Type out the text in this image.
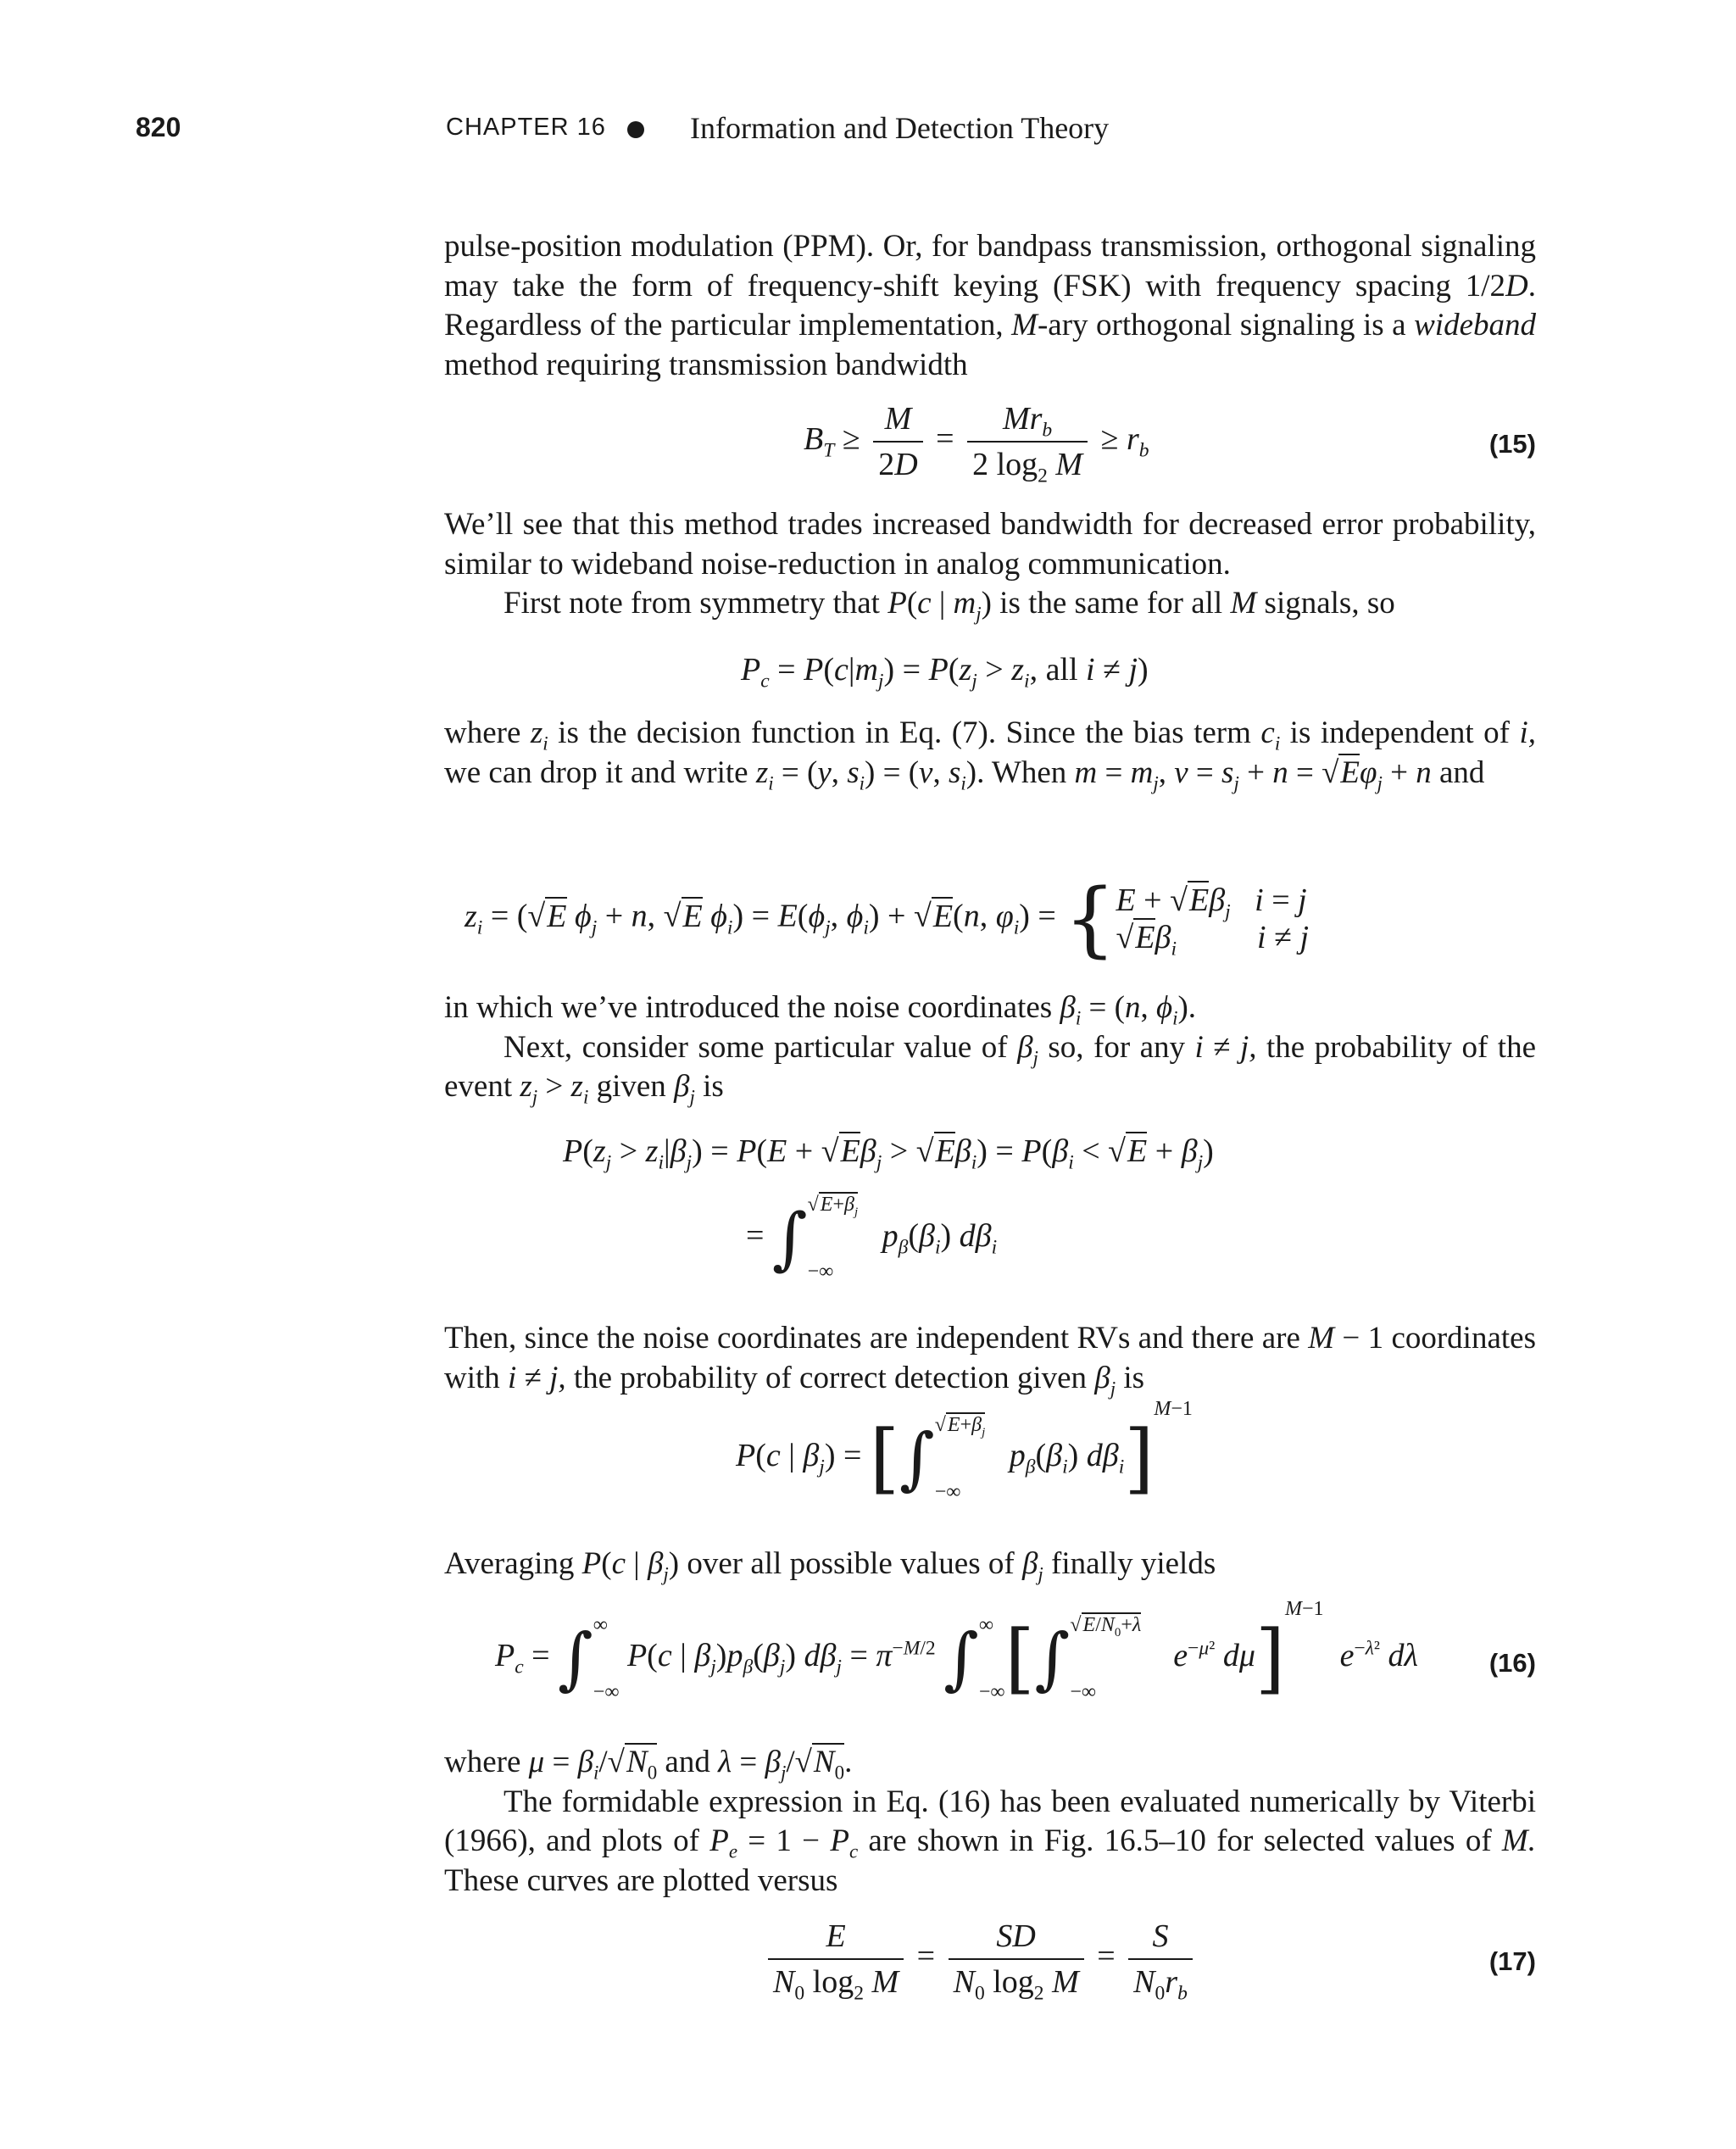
820	CHAPTER 16	Information and Detection Theory

pulse-position modulation (PPM). Or, for bandpass transmission, orthogonal signaling may take the form of frequency-shift keying (FSK) with frequency spacing 1/2D. Regardless of the particular implementation, M-ary orthogonal signaling is a wideband method requiring transmission bandwidth

$B_T \ge \frac{M}{2D} = \frac{Mr_b}{2 \log_2 M} \ge r_b$	(15)

We’ll see that this method trades increased bandwidth for decreased error probability, similar to wideband noise-reduction in analog communication.

First note from symmetry that P(c | $m_j$) is the same for all M signals, so

$P_c = P(c|m_j) = P(z_j > z_i$, all i ≠ j)

where $z_i$ is the decision function in Eq. (7). Since the bias term $c_i$ is independent of i, we can drop it and write $z_i = (y$, $s_i) = (v$, $s_i$). When $m = m_j$, $v = s_j + n = √E\varphi_j + n$ and

$z_i = (√E$ $\phi_j + n$, √E $\phi_i) = E(\phi_j$, $\phi_i) + √E(n$, $\varphi_i) = \{E + √E\beta_j$ i = j
$√E\beta_i$	i ≠ j

in which we’ve introduced the noise coordinates $\beta_i = (n$, $\phi_i$).

Next, consider some particular value of $\beta_j$ so, for any i ≠ j, the probability of the event $z_j > z_i$ given $\beta_j$ is

$P(z_j > z_i|\beta_j) = P(E + √E\beta_j > √E\beta_i) = P(\beta_i < √E + \beta_j)$
= $\int√E+\beta_j$

−∞   $p_\beta(\beta_i)$ $d\beta_i$

Then, since the noise coordinates are independent RVs and there are M − 1 coordinates with i ≠ j, the probability of correct detection given $\beta_j$ is

P(c | $\beta_j) = [\int√E+\beta_j$

−∞   $p_\beta(\beta_i)$ $d\beta_i]^{M-1}$

Averaging P(c | $\beta_j$) over all possible values of $\beta_j$ finally yields

$P_c$ = ∫∞

−∞ P(c | $\beta_j)p_\beta(\beta_j)$ $d\beta_j = \pi^{-M/2}$ ∫∞

$-\infty[\int√E/N_0+\lambda$

−∞    $e^{-\mu^2}$ dμ]$^{M-1}$  $e^{-\lambda^2}$ dλ	(16)

where $\mu = \beta_i/√N_0$ and $\lambda = \beta_j/√N_0$.

The formidable expression in Eq. (16) has been evaluated numerically by Viterbi (1966), and plots of $P_e = 1 - P_c$ are shown in Fig. 16.5–10 for selected values of M. These curves are plotted versus

$\frac{E}{N_0 \log_2 M} = \frac{SD}{N_0 \log_2 M} = \frac{S}{N_0r_b}$	(17)
